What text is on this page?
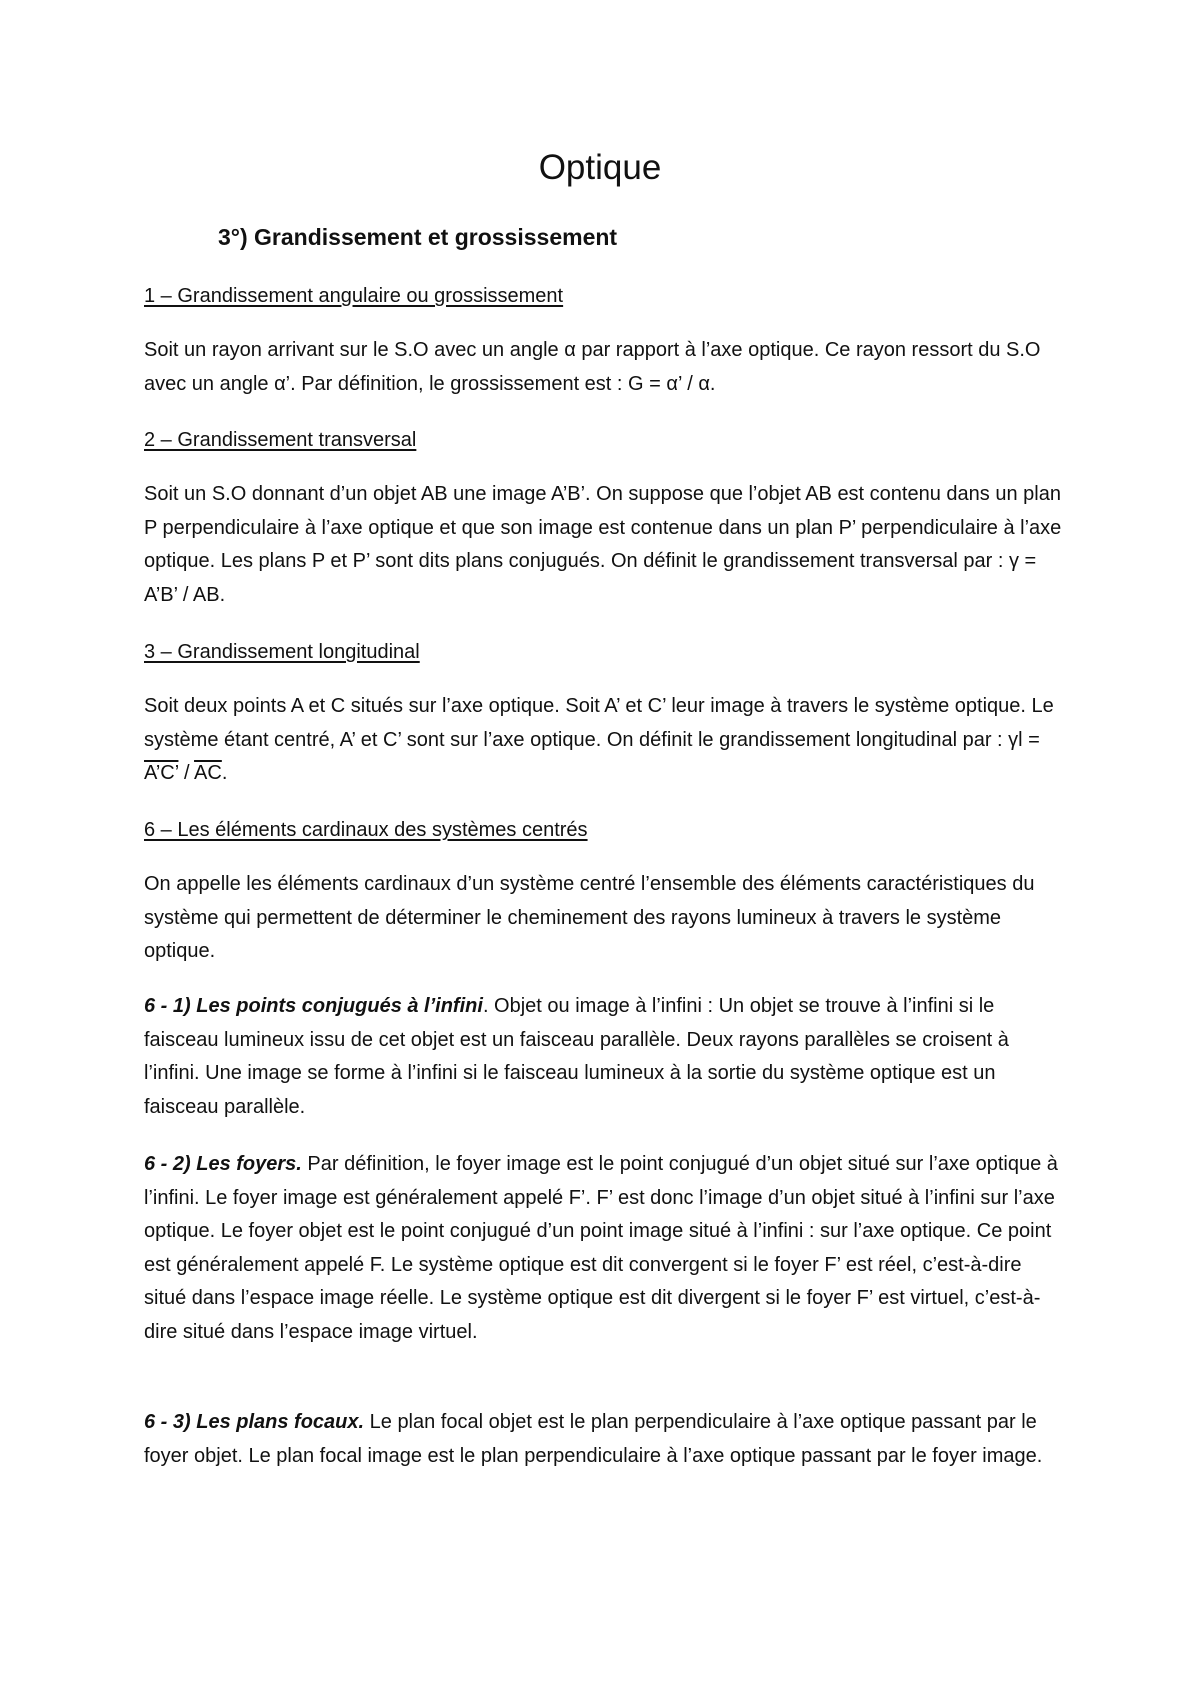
Optique
3°) Grandissement et grossissement
1 – Grandissement angulaire ou grossissement

Soit un rayon arrivant sur le S.O avec un angle α par rapport à l’axe optique. Ce rayon ressort du S.O avec un angle α’. Par définition, le grossissement est : G = α’ / α.

2 – Grandissement transversal

Soit un S.O donnant d’un objet AB une image A’B’. On suppose que l’objet AB est contenu dans un plan P perpendiculaire à l’axe optique et que son image est contenue dans un plan P’ perpendiculaire à l’axe optique. Les plans P et P’ sont dits plans conjugués. On définit le grandissement transversal par : γ = A’B’ / AB.

3 – Grandissement longitudinal

Soit deux points A et C situés sur l’axe optique. Soit A’ et C’ leur image à travers le système optique. Le système étant centré, A’ et C’ sont sur l’axe optique. On définit le grandissement longitudinal par : γl = A’C’ / $\overline{AC}$.

6 – Les éléments cardinaux des systèmes centrés

On appelle les éléments cardinaux d’un système centré l’ensemble des éléments caractéristiques du système qui permettent de déterminer le cheminement des rayons lumineux à travers le système optique.

6 - 1) Les points conjugués à l’infini. Objet ou image à l’infini : Un objet se trouve à l’infini si le faisceau lumineux issu de cet objet est un faisceau parallèle. Deux rayons parallèles se croisent à l’infini. Une image se forme à l’infini si le faisceau lumineux à la sortie du système optique est un faisceau parallèle.

6 - 2) Les foyers. Par définition, le foyer image est le point conjugué d’un objet situé sur l’axe optique à l’infini. Le foyer image est généralement appelé F’. F’ est donc l’image d’un objet situé à l’infini sur l’axe optique. Le foyer objet est le point conjugué d’un point image situé à l’infini : sur l’axe optique. Ce point est généralement appelé F. Le système optique est dit convergent si le foyer F’ est réel, c’est-à-dire situé dans l’espace image réelle. Le système optique est dit divergent si le foyer F’ est virtuel, c’est-à-dire situé dans l’espace image virtuel.

6 - 3) Les plans focaux. Le plan focal objet est le plan perpendiculaire à l’axe optique passant par le foyer objet. Le plan focal image est le plan perpendiculaire à l’axe optique passant par le foyer image.
